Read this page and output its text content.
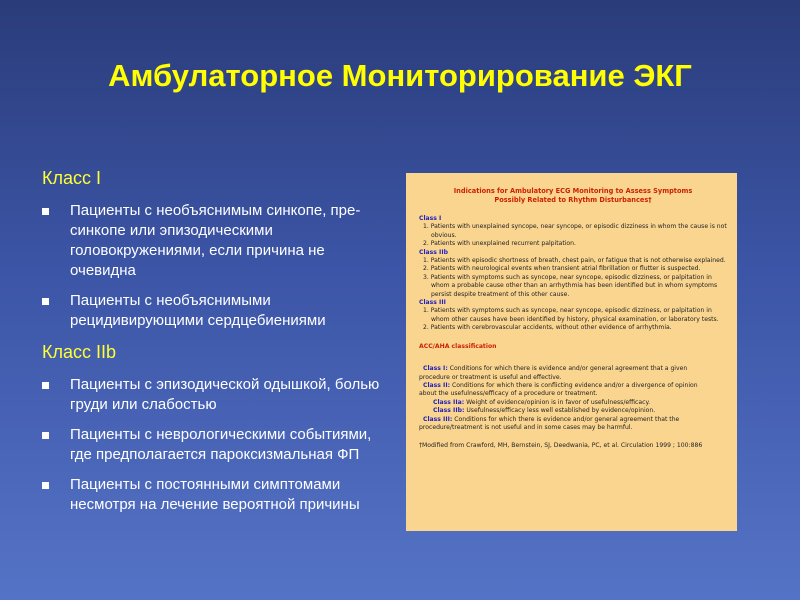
Амбулаторное Мониторирование ЭКГ
Класс I
Пациенты с необъяснимым синкопе, пре-синкопе или эпизодическими головокружениями, если причина не очевидна
Пациенты с необъяснимыми рецидивирующими сердцебиениями
Класс IIb
Пациенты с эпизодической одышкой, болью груди или слабостью
Пациенты с неврологическими событиями, где предполагается пароксизмальная ФП
Пациенты с постоянными симптомами несмотря на лечение вероятной причины
Indications for Ambulatory ECG Monitoring to Assess Symptoms
Possibly Related to Rhythm Disturbances†
Class I
1. Patients with unexplained syncope, near syncope, or episodic dizziness in whom the cause is not
obvious.
2. Patients with unexplained recurrent palpitation.
Class IIb
1. Patients with episodic shortness of breath, chest pain, or fatigue that is not otherwise explained.
2. Patients with neurological events when transient atrial fibrillation or flutter is suspected.
3. Patients with symptoms such as syncope, near syncope, episodic dizziness, or palpitation in
whom a probable cause other than an arrhythmia has been identified but in whom symptoms
persist despite treatment of this other cause.
Class III
1. Patients with symptoms such as syncope, near syncope, episodic dizziness, or palpitation in
whom other causes have been identified by history, physical examination, or laboratory tests.
2. Patients with cerebrovascular accidents, without other evidence of arrhythmia.
ACC/AHA classification
Class I: Conditions for which there is evidence and/or general agreement that a given
procedure or treatment is useful and effective.
Class II: Conditions for which there is conflicting evidence and/or a divergence of opinion
about the usefulness/efficacy of a procedure or treatment.
Class IIa: Weight of evidence/opinion is in favor of usefulness/efficacy.
Class IIb: Usefulness/efficacy less well established by evidence/opinion.
Class III: Conditions for which there is evidence and/or general agreement that the
procedure/treatment is not useful and in some cases may be harmful.
†Modified from Crawford, MH, Bernstein, SJ, Deedwania, PC, et al. Circulation 1999 ; 100:886
